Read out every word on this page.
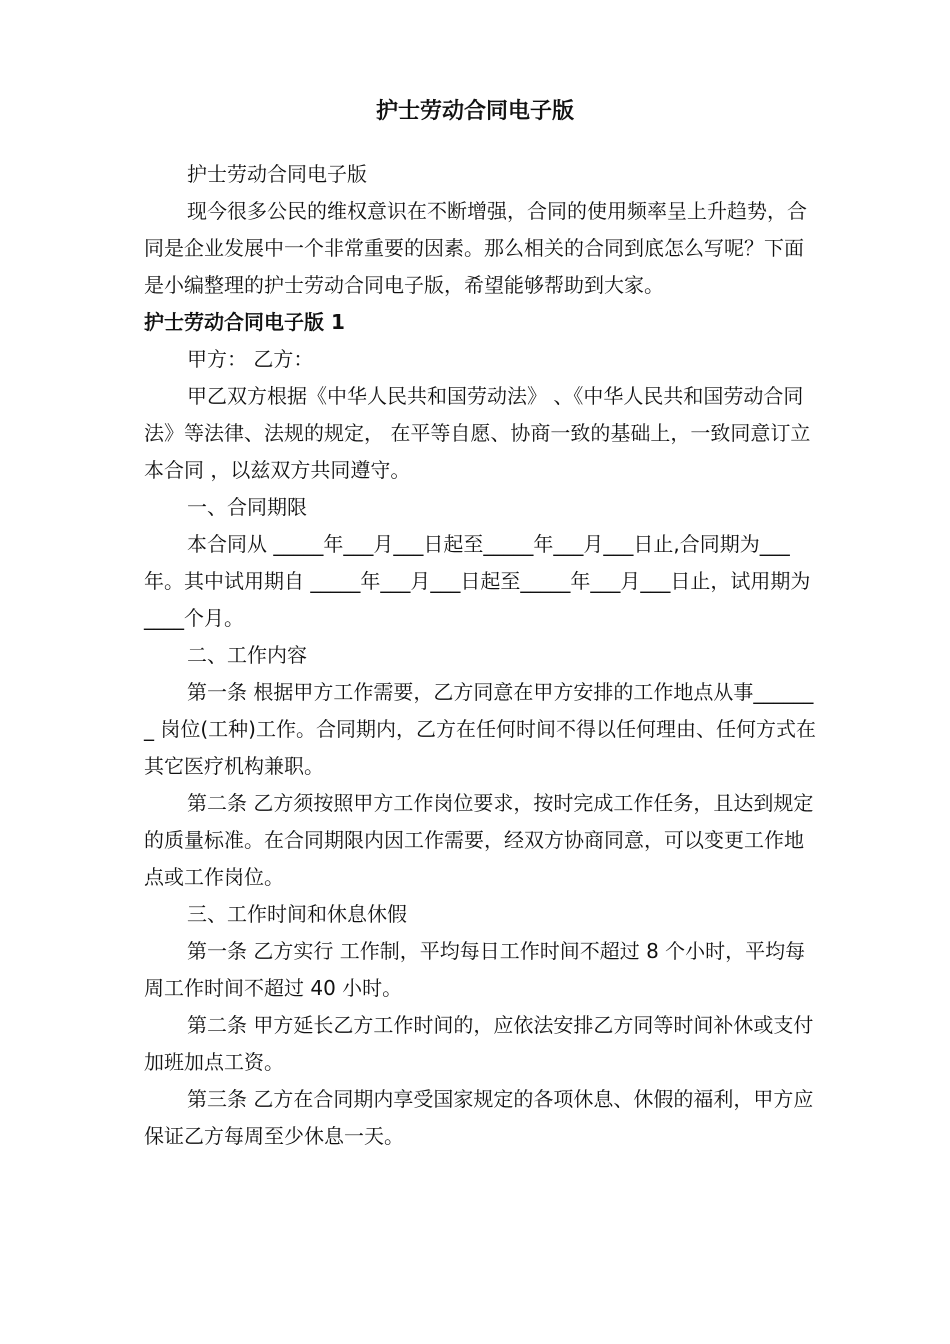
护士劳动合同电子版

护士劳动合同电子版

现今很多公民的维权意识在不断增强，合同的使用频率呈上升趋势，合同是企业发展中一个非常重要的因素。那么相关的合同到底怎么写呢？下面是小编整理的护士劳动合同电子版，希望能够帮助到大家。

护士劳动合同电子版 1

甲方： 乙方：

甲乙双方根据《中华人民共和国劳动法》 、《中华人民共和国劳动合同法》等法律、法规的规定， 在平等自愿、协商一致的基础上，一致同意订立本合同 ，以兹双方共同遵守。

一、合同期限

本合同从 _____年___月___日起至_____年___月___日止,合同期为___年。其中试用期自 _____年___月___日起至_____年___月___日止，试用期为____个月。

二、工作内容

第一条 根据甲方工作需要，乙方同意在甲方安排的工作地点从事_______ 岗位(工种)工作。合同期内，乙方在任何时间不得以任何理由、任何方式在其它医疗机构兼职。

第二条 乙方须按照甲方工作岗位要求，按时完成工作任务，且达到规定的质量标准。在合同期限内因工作需要，经双方协商同意，可以变更工作地点或工作岗位。

三、工作时间和休息休假

第一条 乙方实行 工作制，平均每日工作时间不超过 8 个小时，平均每周工作时间不超过 40 小时。

第二条 甲方延长乙方工作时间的，应依法安排乙方同等时间补休或支付加班加点工资。

第三条 乙方在合同期内享受国家规定的各项休息、休假的福利，甲方应保证乙方每周至少休息一天。
